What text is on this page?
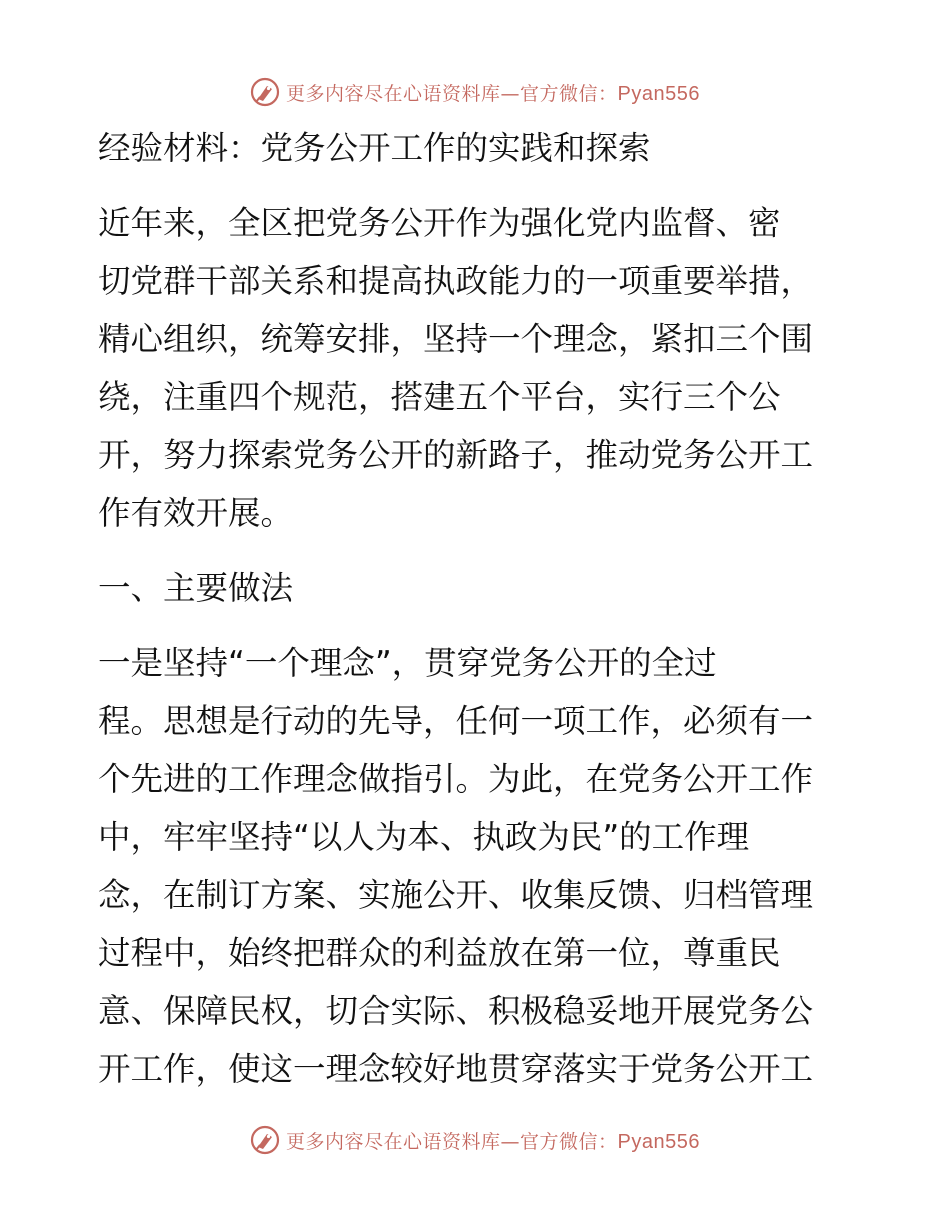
更多内容尽在心语资料库—官方微信：Pyan556
经验材料：党务公开工作的实践和探索
近年来，全区把党务公开作为强化党内监督、密
切党群干部关系和提高执政能力的一项重要举措，
精心组织，统筹安排，坚持一个理念，紧扣三个围
绕，注重四个规范，搭建五个平台，实行三个公
开，努力探索党务公开的新路子，推动党务公开工
作有效开展。
一、主要做法
一是坚持“一个理念”，贯穿党务公开的全过
程。思想是行动的先导，任何一项工作，必须有一
个先进的工作理念做指引。为此，在党务公开工作
中，牢牢坚持“以人为本、执政为民”的工作理
念，在制订方案、实施公开、收集反馈、归档管理
过程中，始终把群众的利益放在第一位，尊重民
意、保障民权，切合实际、积极稳妥地开展党务公
开工作，使这一理念较好地贯穿落实于党务公开工
更多内容尽在心语资料库—官方微信：Pyan556
